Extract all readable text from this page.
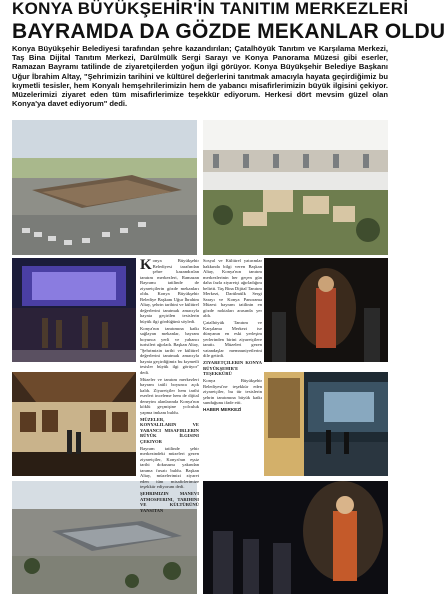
KONYA BÜYÜKŞEHİR'İN TANITIM MERKEZLERİ
BAYRAMDA DA GÖZDE MEKANLAR OLDU
Konya Büyükşehir Belediyesi tarafından şehre kazandırılan; Çatalhöyük Tanıtım ve Karşılama Merkezi, Taş Bina Dijital Tanıtım Merkezi, Darülmülk Sergi Sarayı ve Konya Panorama Müzesi gibi eserler, Ramazan Bayramı tatilinde de ziyaretçilerden yoğun ilgi görüyor. Konya Büyükşehir Belediye Başkanı Uğur İbrahim Altay, "Şehrimizin tarihini ve kültürel değerlerini tanıtmak amacıyla hayata geçirdiğimiz bu kıymetli tesisler, hem Konyalı hemşehrilerimizin hem de yabancı misafirlerimizin büyük ilgisini çekiyor. Müzelerimizi ziyaret eden tüm misafirlerimize teşekkür ediyorum. Herkesi dört mevsim güzel olan Konya'ya davet ediyorum" dedi.

Konya Büyükşehir Belediyesi tarafından şehre kazandırılan tanıtım merkezleri, Ramazan Bayramı tatilinde de ziyaretçilerin gözde mekanları oldu. Konya Büyükşehir Belediye Başkanı Uğur İbrahim Altay, şehrin tarihini ve kültürel değerlerini tanıtmak amacıyla hayata geçirilen tesislerin büyük ilgi gördüğünü söyledi.

Konya'nın tanıtımına katkı sağlayan mekanlar, bayram boyunca yerli ve yabancı turistleri ağırladı. Başkan Altay, "Şehrimizin tarihi ve kültürel değerlerini tanıtmak amacıyla hayata geçirdiğimiz bu kıymetli tesisler büyük ilgi görüyor" dedi.

Müzeler ve tanıtım merkezleri bayram tatili boyunca açık kaldı. Ziyaretçiler hem tarihi eserleri inceleme hem de dijital deneyim alanlarında Konya'nın köklü geçmişine yolculuk yapma imkanı buldu.

MÜZELER, KONYALILARIN VE YABANCI MISAFIRLERIN BÜYÜK İLGISINI ÇEKIYOR

Bayram tatilinde şehir merkezindeki müzeleri gezen ziyaretçiler, Konya'nın eşsiz tarihi dokusunu yakından tanıma fırsatı buldu. Başkan Altay, müzelerimizi ziyaret eden tüm misafirlerimize teşekkür ediyorum dedi.

ŞEHRIMIZIN MANEVI ATMOSFERINI, TARIHINI VE KÜLTÜRÜNÜ YANSITAN

Sosyal ve Kültürel yatırımlar hakkında bilgi veren Başkan Altay, Konya'nın tanıtım merkezlerinin her geçen gün daha fazla ziyaretçi ağırladığını belirtti. Taş Bina Dijital Tanıtım Merkezi, Darülmülk Sergi Sarayı ve Konya Panorama Müzesi bayram tatilinin en gözde noktaları arasında yer aldı.

Çatalhöyük Tanıtım ve Karşılama Merkezi ise dünyanın en eski yerleşim yerlerinden birini ziyaretçilere tanıttı. Müzeleri gezen vatandaşlar memnuniyetlerini dile getirdi.

ZIYARETÇILERIN KONYA BÜYÜKŞEHIR'E TEŞEKKÜRÜ

Konya Büyükşehir Belediyesi'ne teşekkür eden ziyaretçiler, bu tür tesislerin şehrin tanıtımına büyük katkı sunduğunu ifade etti.

HABER MERKEZİ
